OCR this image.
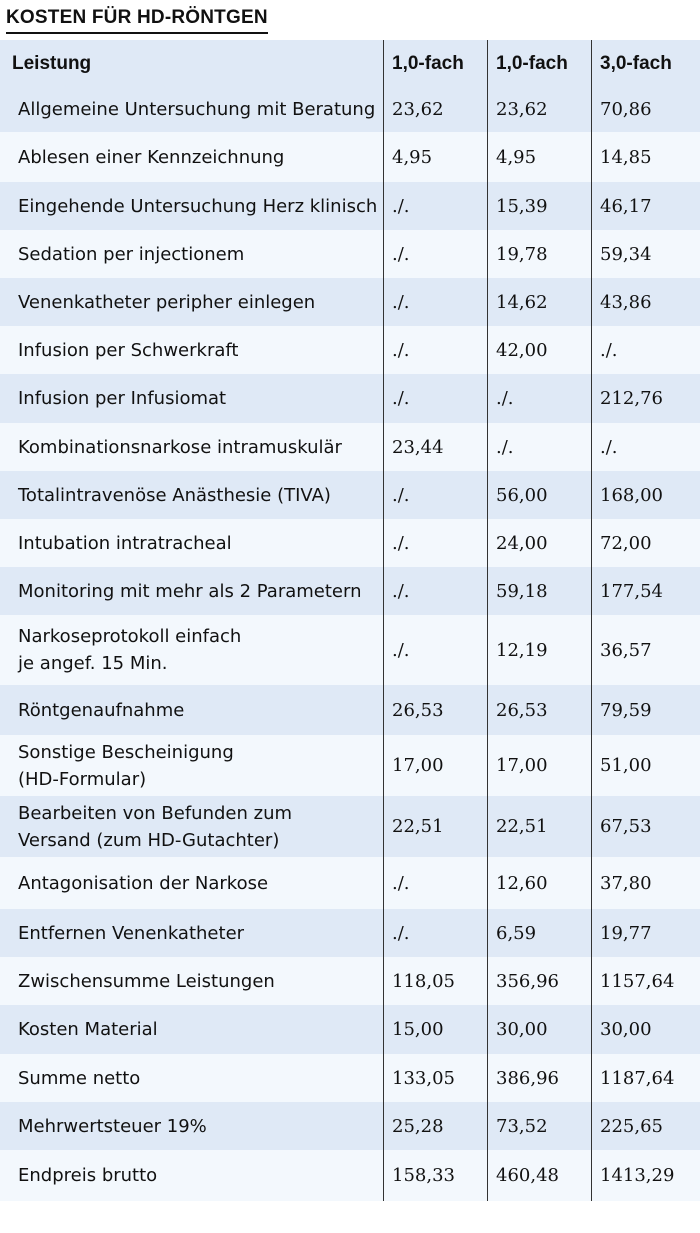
KOSTEN FÜR HD-RÖNTGEN
Leistung	1,0-fach	1,0-fach	3,0-fach
Allgemeine Untersuchung mit Beratung 23,62	23,62	70,86
Ablesen einer Kennzeichnung	4,95	4,95	14,85
Eingehende Untersuchung Herz klinisch ./.	15,39	46,17
Sedation per injectionem	./.	19,78	59,34
Venenkatheter peripher einlegen	./.	14,62	43,86
Infusion per Schwerkraft	./.	42,00	./.
Infusion per Infusiomat	./.	./.	212,76
Kombinationsnarkose intramuskulär	23,44	./.	./.
Totalintravenöse Anästhesie (TIVA)	./.	56,00	168,00
Intubation intratracheal	./.	24,00	72,00
Monitoring mit mehr als 2 Parametern	./.	59,18	177,54
Narkoseprotokoll einfach
je angef. 15 Min.
./.	12,19	36,57
Röntgenaufnahme	26,53	26,53	79,59
Sonstige Bescheinigung
(HD-Formular)
17,00	17,00	51,00
Bearbeiten von Befunden zum
Versand (zum HD-Gutachter)
22,51	22,51	67,53
Antagonisation der Narkose	./.	12,60	37,80
Entfernen Venenkatheter	./.	6,59	19,77
Zwischensumme Leistungen	118,05	356,96	1157,64
Kosten Material	15,00	30,00	30,00
Summe netto	133,05	386,96	1187,64
Mehrwertsteuer 19%	25,28	73,52	225,65
Endpreis brutto	158,33	460,48	1413,29
